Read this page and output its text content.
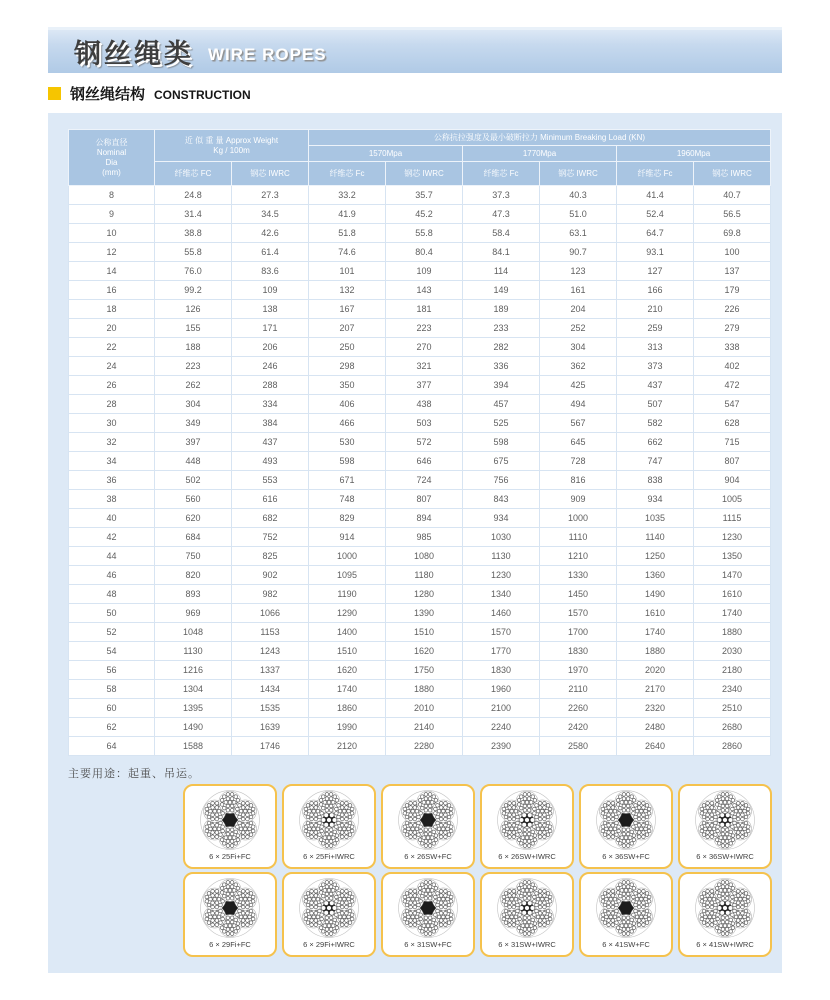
钢丝绳类 WIRE ROPES
钢丝绳结构 CONSTRUCTION
公称直径
Nominal
Dia
(mm)

近 似 重 量 Approx Weight
Kg / 100m
	公称抗拉强度及最小破断拉力 Minimum Breaking Load (KN)
			1570Mpa		1770Mpa		1960Mpa	
	纤维芯 FC	钢芯 IWRC	纤维芯 Fc	钢芯 IWRC	纤维芯 Fc	钢芯 IWRC	纤维芯 Fc	钢芯 IWRC
8	24.8	27.3	33.2	35.7	37.3	40.3	41.4	40.7
9	31.4	34.5	41.9	45.2	47.3	51.0	52.4	56.5
10	38.8	42.6	51.8	55.8	58.4	63.1	64.7	69.8
12	55.8	61.4	74.6	80.4	84.1	90.7	93.1	100
14	76.0	83.6	101	109	114	123	127	137
16	99.2	109	132	143	149	161	166	179
18	126	138	167	181	189	204	210	226
20	155	171	207	223	233	252	259	279
22	188	206	250	270	282	304	313	338
24	223	246	298	321	336	362	373	402
26	262	288	350	377	394	425	437	472
28	304	334	406	438	457	494	507	547
30	349	384	466	503	525	567	582	628
32	397	437	530	572	598	645	662	715
34	448	493	598	646	675	728	747	807
36	502	553	671	724	756	816	838	904
38	560	616	748	807	843	909	934	1005
40	620	682	829	894	934	1000	1035	1115
42	684	752	914	985	1030	1110	1140	1230
44	750	825	1000	1080	1130	1210	1250	1350
46	820	902	1095	1180	1230	1330	1360	1470
48	893	982	1190	1280	1340	1450	1490	1610
50	969	1066	1290	1390	1460	1570	1610	1740
52	1048	1153	1400	1510	1570	1700	1740	1880
54	1130	1243	1510	1620	1770	1830	1880	2030
56	1216	1337	1620	1750	1830	1970	2020	2180
58	1304	1434	1740	1880	1960	2110	2170	2340
60	1395	1535	1860	2010	2100	2260	2320	2510
62	1490	1639	1990	2140	2240	2420	2480	2680
64	1588	1746	2120	2280	2390	2580	2640	2860
主要用途：起重、吊运。
6 × 25Fi+FC	6 × 25Fi+IWRC	6 × 26SW+FC	6 × 26SW+IWRC	6 × 36SW+FC	6 × 36SW+IWRC
6 × 29Fi+FC	6 × 29Fi+IWRC	6 × 31SW+FC	6 × 31SW+IWRC	6 × 41SW+FC	6 × 41SW+IWRC
